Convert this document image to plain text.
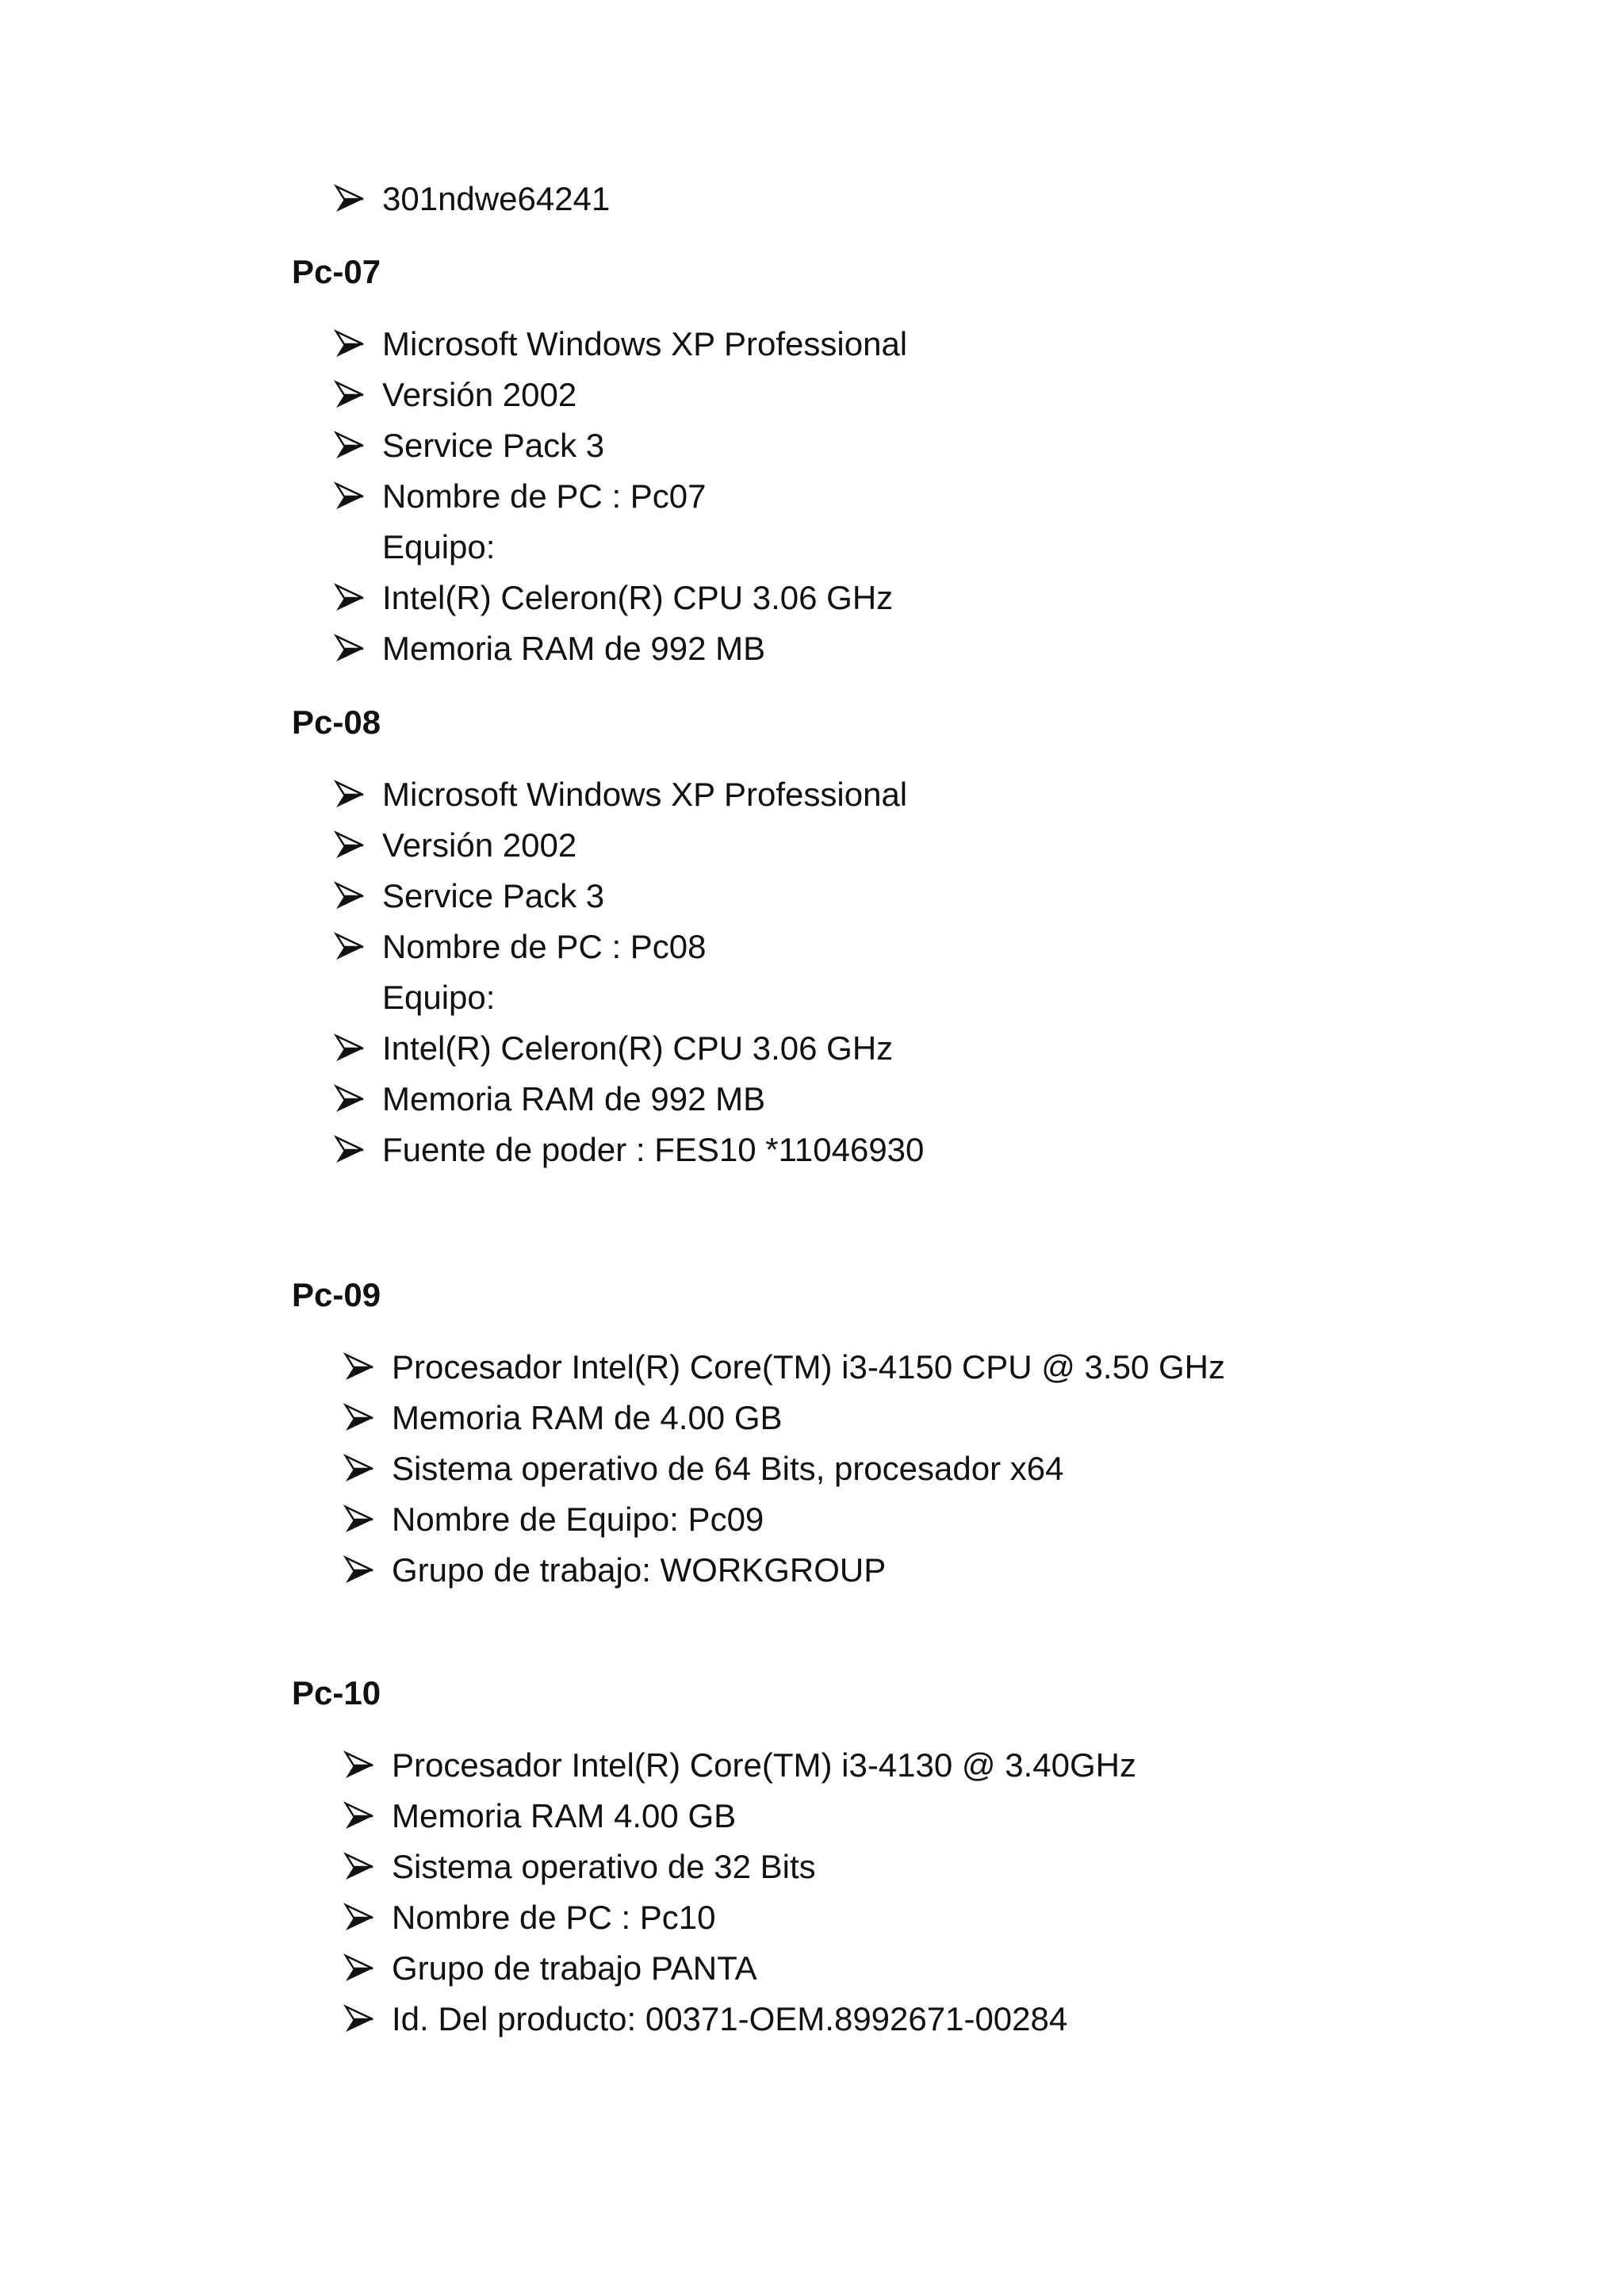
301ndwe64241
Pc-07
Microsoft Windows XP Professional
Versión 2002
Service Pack 3
Nombre de PC : Pc07
Equipo:
Intel(R) Celeron(R) CPU 3.06 GHz
Memoria RAM de 992 MB
Pc-08
Microsoft Windows XP Professional
Versión 2002
Service Pack 3
Nombre de PC : Pc08
Equipo:
Intel(R) Celeron(R) CPU 3.06 GHz
Memoria RAM de 992 MB
Fuente de poder : FES10 *11046930
Pc-09
Procesador Intel(R) Core(TM) i3-4150 CPU @ 3.50 GHz
Memoria RAM de 4.00 GB
Sistema operativo de 64 Bits, procesador x64
Nombre de Equipo: Pc09
Grupo de trabajo: WORKGROUP
Pc-10
Procesador Intel(R) Core(TM) i3-4130 @ 3.40GHz
Memoria RAM 4.00 GB
Sistema operativo de 32 Bits
Nombre de PC : Pc10
Grupo de trabajo PANTA
Id. Del producto: 00371-OEM.8992671-00284
